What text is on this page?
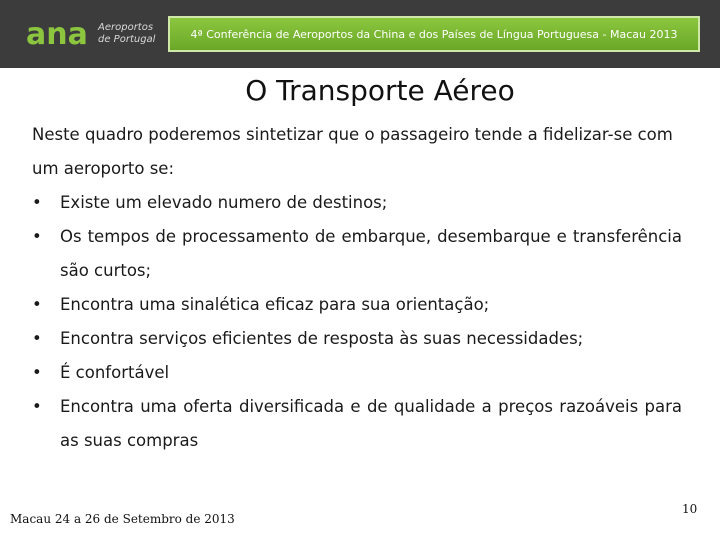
ana Aeroportos
de Portugal	4ª Conferência de Aeroportos da China e dos Países de Língua Portuguesa - Macau 2013
O Transporte Aéreo

Neste quadro poderemos sintetizar que o passageiro tende a fidelizar-se com um aeroporto se:

•	Existe um elevado numero de destinos;
•	Os tempos de processamento de embarque, desembarque e transferência são curtos;
•	Encontra uma sinalética eficaz para sua orientação;
•	Encontra serviços eficientes de resposta às suas necessidades;
•	É confortável
•	Encontra uma oferta diversificada e de qualidade a preços razoáveis para as suas compras
Macau 24 a 26 de Setembro de 2013
10
